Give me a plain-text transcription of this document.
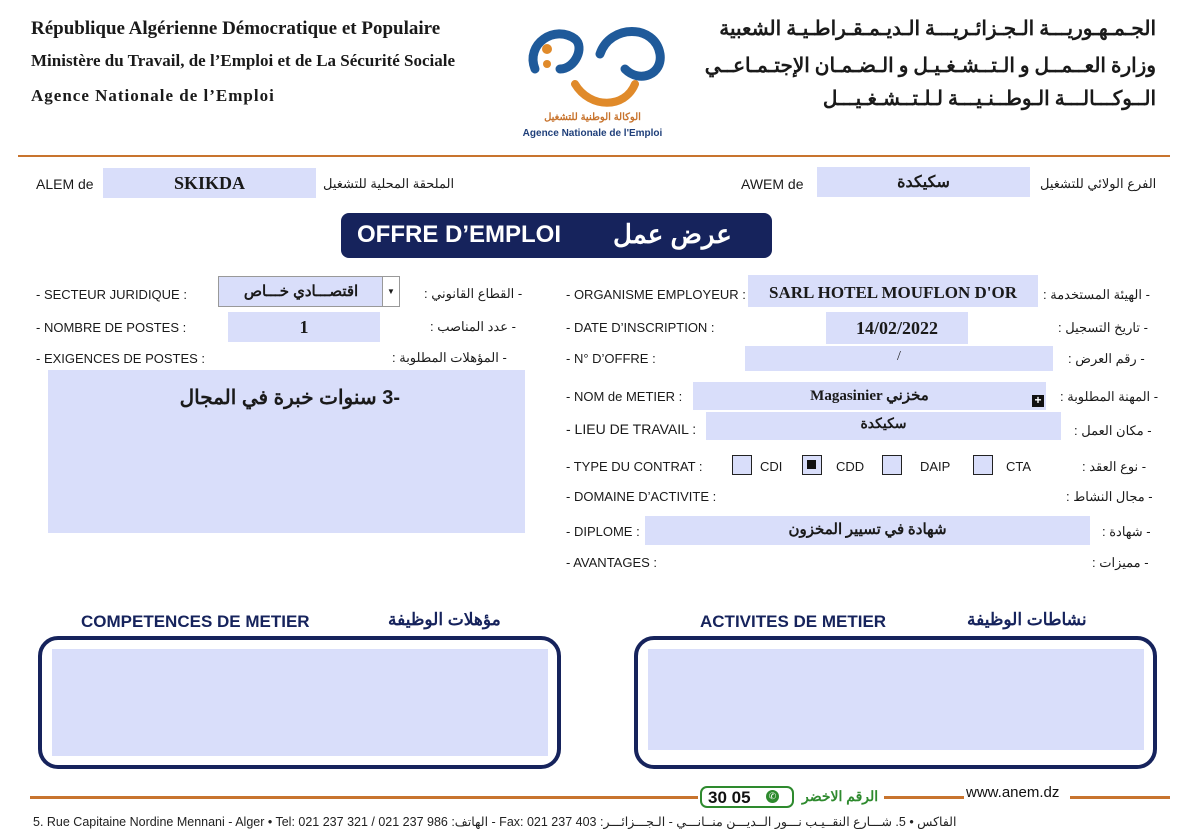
République Algérienne Démocratique et Populaire
Ministère du Travail, de l’Emploi et de La Sécurité Sociale
Agence Nationale de l’Emploi
الجـمـهـوريـــة الـجـزائـريـــة الـديـمـقـراطـيـة الشعبية
وزارة العــمــل و الـتــشـغـيـل و الـضـمـان الإجتـمـاعــي
الــوكـــالـــة الـوطــنـيـــة لـلـتــشـغـيـــل
الوكالة الوطنية للتشغيل
Agence Nationale de l'Emploi
ALEM de	SKIKDA	الملحقة المحلية للتشغيل	AWEM de	سكيكدة	الفرع الولائي للتشغيل
OFFRE D’EMPLOI عرض عمل
- SECTEUR JURIDIQUE :	اقتصـــادي خـــاص	▼	- القطاع القانوني :
- NOMBRE DE POSTES :	1	- عدد المناصب :
- EXIGENCES DE POSTES :	- المؤهلات المطلوبة :
-3 سنوات خبرة في المجال
- ORGANISME EMPLOYEUR :	SARL HOTEL MOUFLON D'OR	- الهيئة المستخدمة :
- DATE D’INSCRIPTION :	14/02/2022	- تاريخ التسجيل :
- N° D’OFFRE :	/	- رقم العرض :
- NOM de METIER :	Magasinier مخزني	+ - المهنة المطلوبة :
- LIEU DE TRAVAIL :	سكيكدة	- مكان العمل :
- TYPE DU CONTRAT :	CDI	CDD	DAIP	CTA	- نوع العقد :
- DOMAINE D’ACTIVITE :	- مجال النشاط :
- DIPLOME :	شهادة في تسيير المخزون	- شهادة :
- AVANTAGES :	- مميزات :
COMPETENCES DE METIER	مؤهلات الوظيفة	ACTIVITES DE METIER	نشاطات الوظيفة
الرقم الاخضر
30 05	✆	www.anem.dz
5. Rue Capitaine Nordine Mennani - Alger • Tel: 021 237 321 / 021 237 986 :الهاتف - Fax: 021 237 403 :الفاكس • 5. شـــارع النقــيـب نـــور الــديـــن منــانـــي - الـجـــزائـــر
